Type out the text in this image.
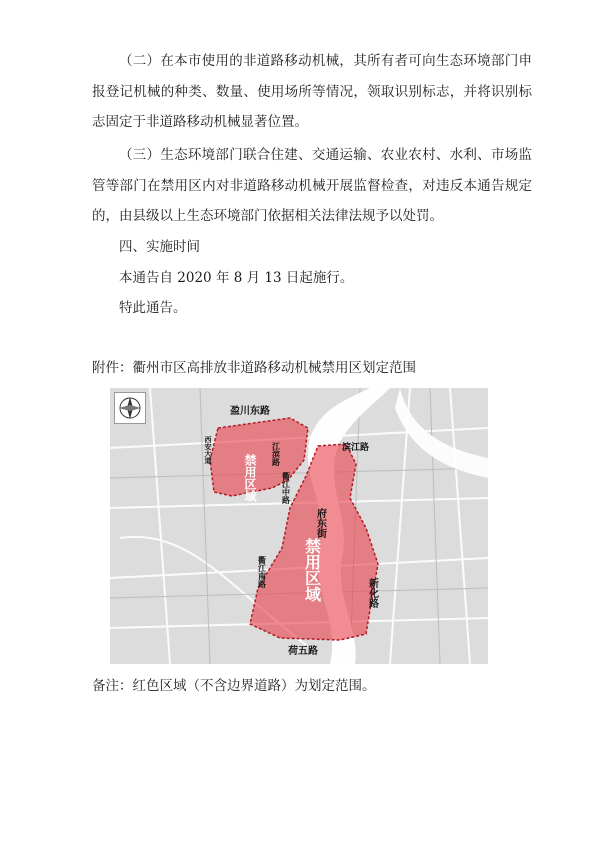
（二）在本市使用的非道路移动机械，其所有者可向生态环境部门申报登记机械的种类、数量、使用场所等情况，领取识别标志，并将识别标志固定于非道路移动机械显著位置。

（三）生态环境部门联合住建、交通运输、农业农村、水利、市场监管等部门在禁用区内对非道路移动机械开展监督检查，对违反本通告规定的，由县级以上生态环境部门依据相关法律法规予以处罚。

四、实施时间

本通告自 2020 年 8 月 13 日起施行。

特此通告。

附件：衢州市区高排放非道路移动机械禁用区划定范围

禁用区域
禁用区域
盈川东路
府东街
荷五路
新化路
滨江路
衢江中路
衢江南路
江滨路
西安大道

备注：红色区域（不含边界道路）为划定范围。
